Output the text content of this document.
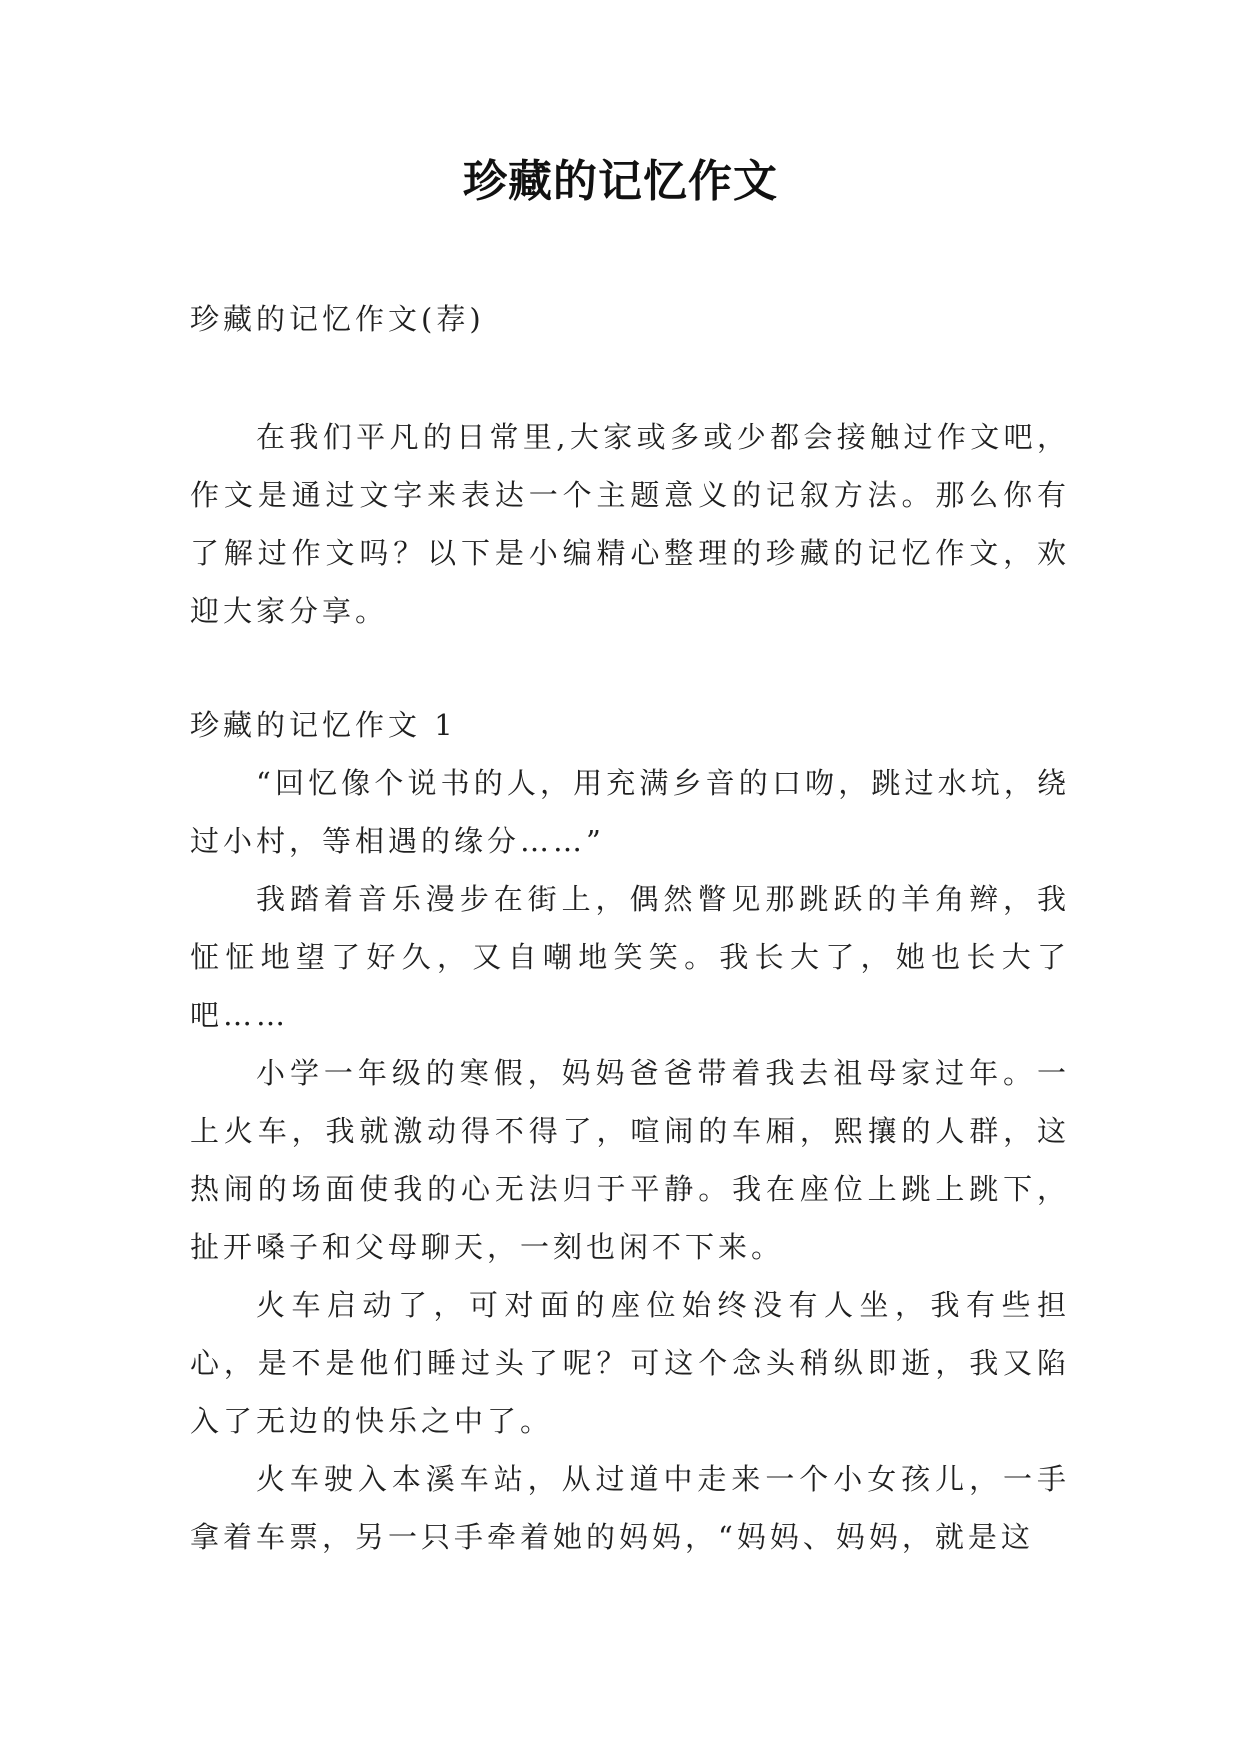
珍藏的记忆作文

珍藏的记忆作文(荐)

在我们平凡的日常里,大家或多或少都会接触过作文吧，作文是通过文字来表达一个主题意义的记叙方法。那么你有了解过作文吗？以下是小编精心整理的珍藏的记忆作文，欢迎大家分享。

珍藏的记忆作文 1

“回忆像个说书的人，用充满乡音的口吻，跳过水坑，绕过小村，等相遇的缘分……”

我踏着音乐漫步在街上，偶然瞥见那跳跃的羊角辫，我怔怔地望了好久，又自嘲地笑笑。我长大了，她也长大了吧……

小学一年级的寒假，妈妈爸爸带着我去祖母家过年。一上火车，我就激动得不得了，喧闹的车厢，熙攘的人群，这热闹的场面使我的心无法归于平静。我在座位上跳上跳下，扯开嗓子和父母聊天，一刻也闲不下来。

火车启动了，可对面的座位始终没有人坐，我有些担心，是不是他们睡过头了呢？可这个念头稍纵即逝，我又陷入了无边的快乐之中了。

火车驶入本溪车站，从过道中走来一个小女孩儿，一手拿着车票，另一只手牵着她的妈妈，“妈妈、妈妈，就是这
